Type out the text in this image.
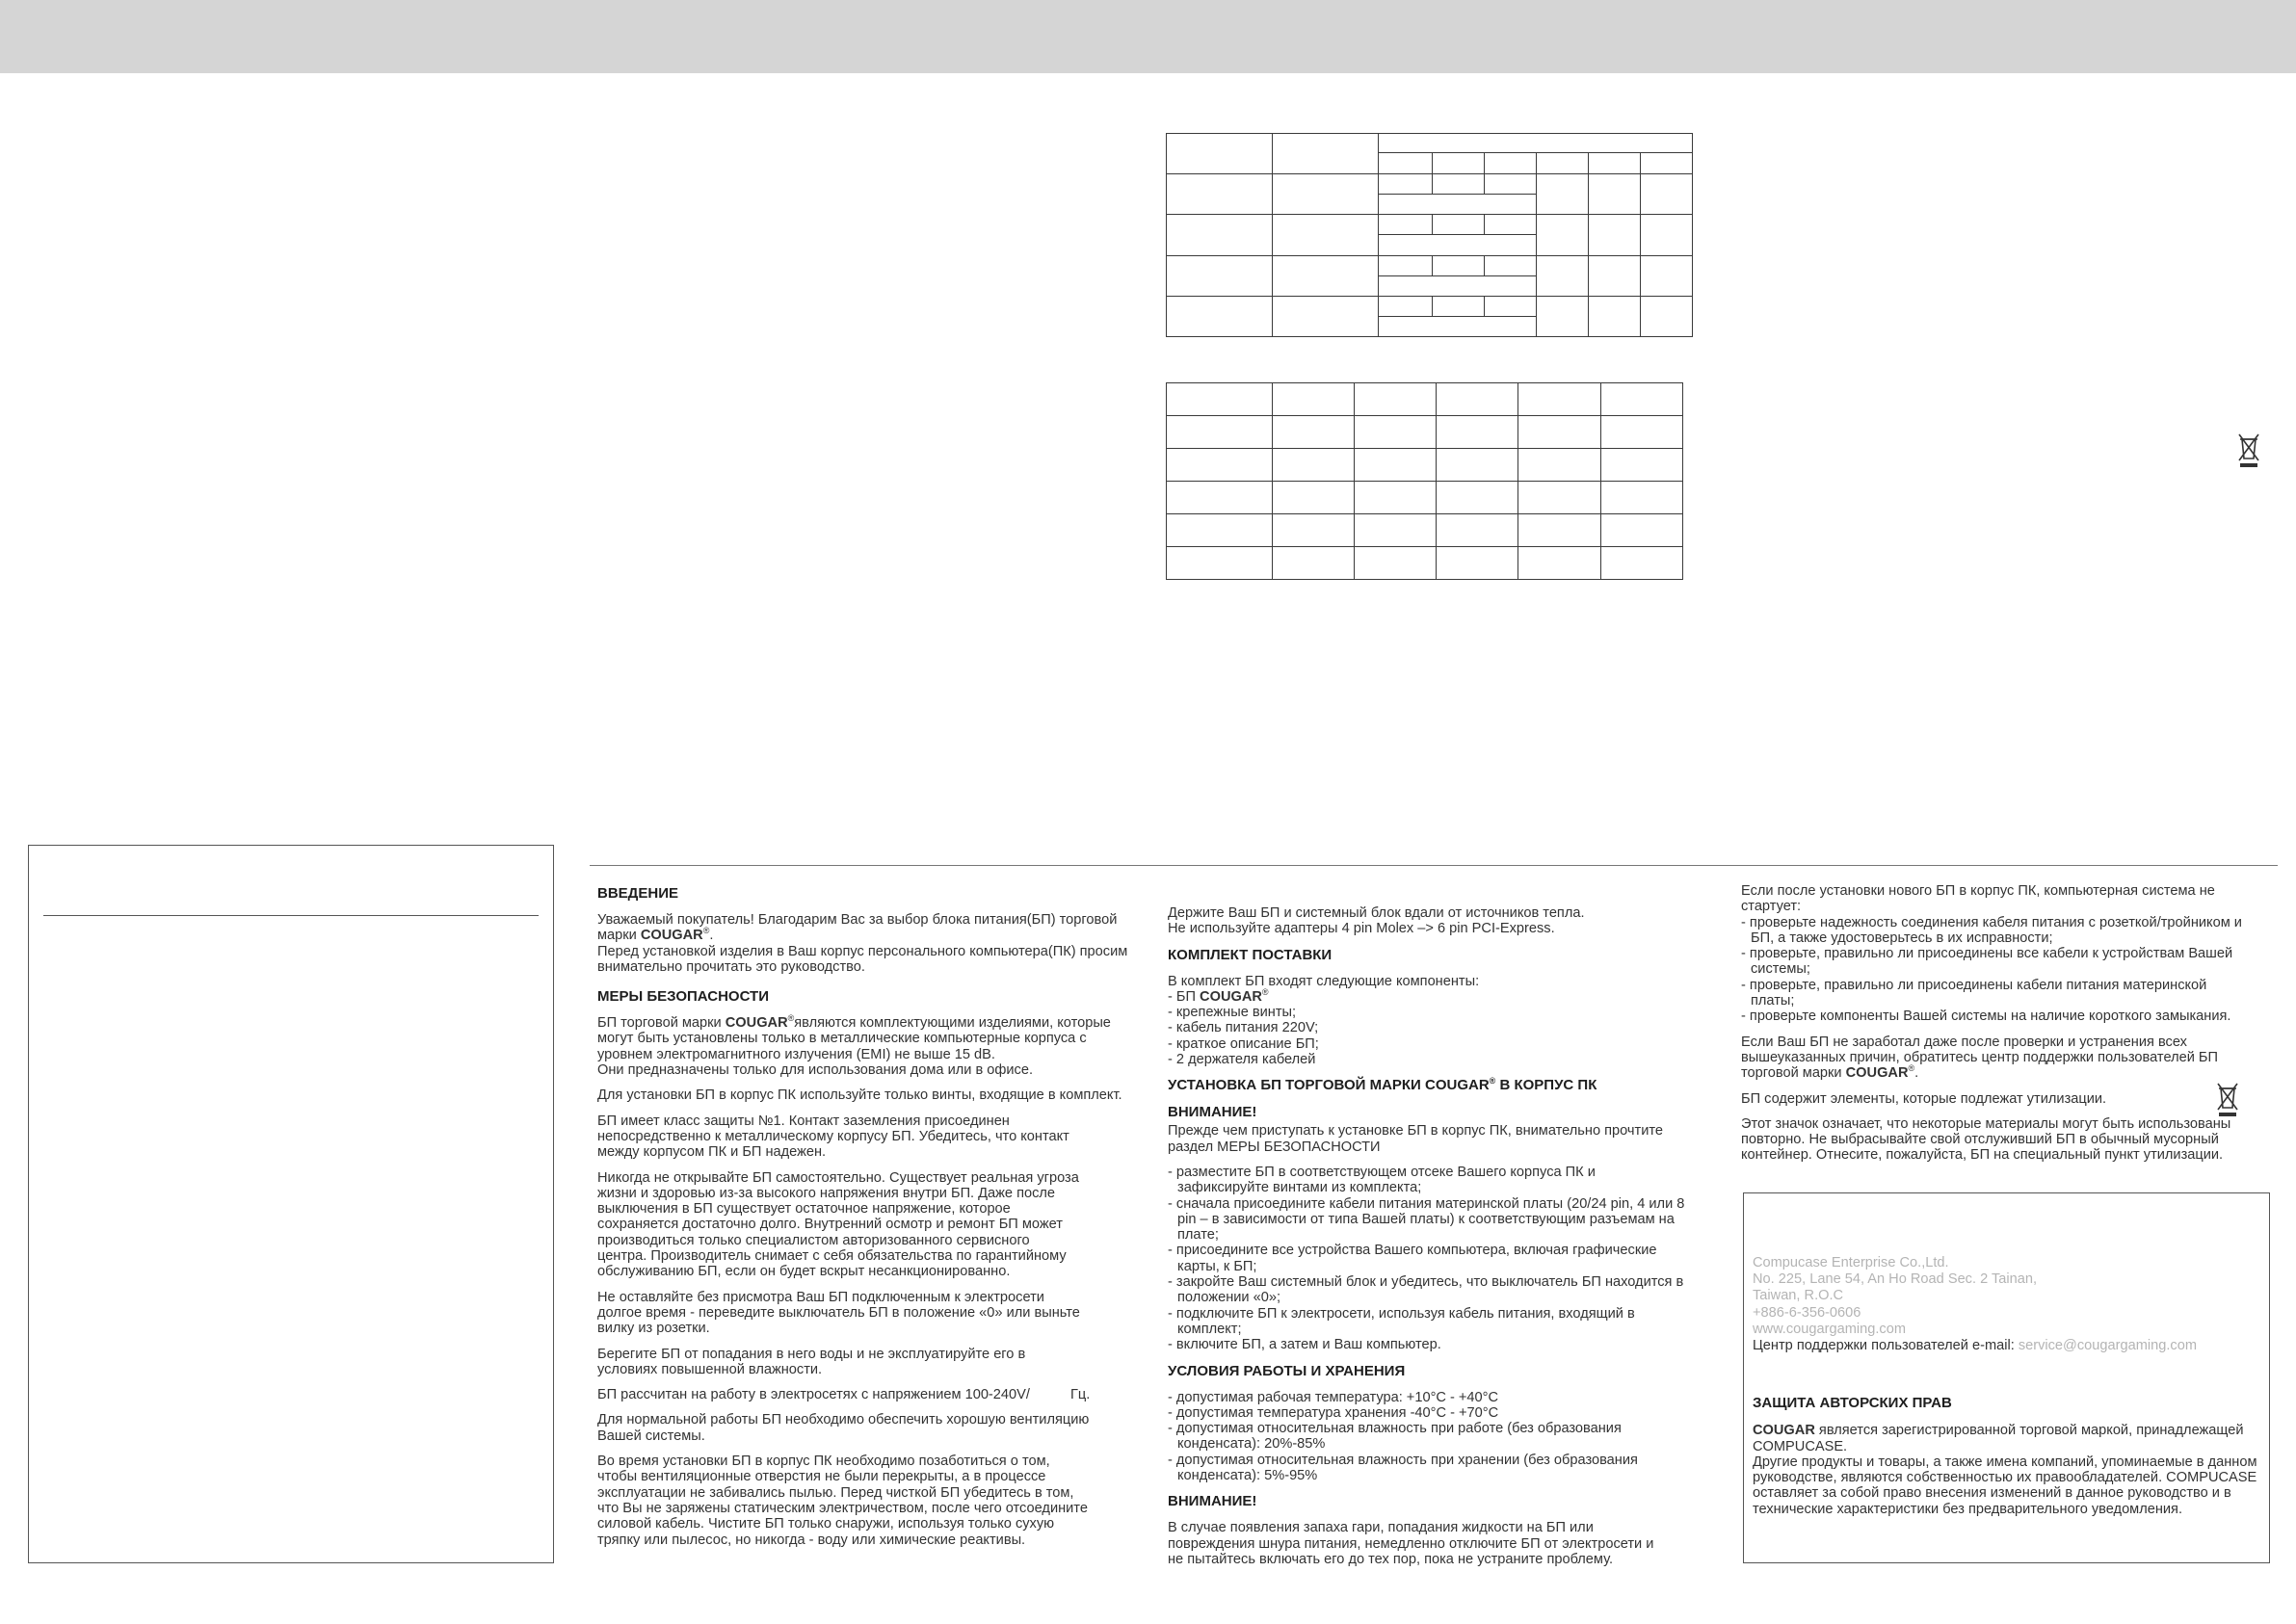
ВВЕДЕНИЕ

Уважаемый покупатель! Благодарим Вас за выбор блока питания(БП) торговой марки COUGAR®.
Перед установкой изделия в Ваш корпус персонального компьютера(ПК) просим внимательно прочитать это руководство.

МЕРЫ БЕЗОПАСНОСТИ

БП торговой марки COUGAR®являются комплектующими изделиями, которые могут быть установлены только в металлические компьютерные корпуса с уровнем электромагнитного излучения (EMI) не выше 15 dB.
Они предназначены только для использования дома или в офисе.

Для установки БП в корпус ПК используйте только винты, входящие в комплект.

БП имеет класс защиты №1. Контакт заземления присоединен
непосредственно к металлическому корпусу БП. Убедитесь, что контакт
между корпусом ПК и БП надежен.

Никогда не открывайте БП самостоятельно. Существует реальная угроза
жизни и здоровью из-за высокого напряжения внутри БП. Даже после
выключения в БП существует остаточное напряжение, которое
сохраняется достаточно долго. Внутренний осмотр и ремонт БП может
производиться только специалистом авторизованного сервисного
центра. Производитель снимает с себя обязательства по гарантийному
обслуживанию БП, если он будет вскрыт несанкционированно.

Не оставляйте без присмотра Ваш БП подключенным к электросети
долгое время - переведите выключатель БП в положение «0» или выньте
вилку из розетки.

Берегите БП от попадания в него воды и не эксплуатируйте его в
условиях повышенной влажности.

БП рассчитан на работу в электросетях с напряжением 100-240V/	Гц.

Для нормальной работы БП необходимо обеспечить хорошую вентиляцию
Вашей системы.

Во время установки БП в корпус ПК необходимо позаботиться о том,
чтобы вентиляционные отверстия не были перекрыты, а в процессе
эксплуатации не забивались пылью. Перед чисткой БП убедитесь в том,
что Вы не заряжены статическим электричеством, после чего отсоедините
силовой кабель. Чистите БП только снаружи, используя только сухую
тряпку или пылесос, но никогда - воду или химические реактивы.

Держите Ваш БП и системный блок вдали от источников тепла.

Не используйте адаптеры 4 pin Molex –> 6 pin PCI-Express.

КОМПЛЕКТ ПОСТАВКИ

В комплект БП входят следующие компоненты:

- БП COUGAR®
- крепежные винты;
- кабель питания 220V;
- краткое описание БП;
- 2 держателя кабелей
УСТАНОВКА БП ТОРГОВОЙ МАРКИ COUGAR® В КОРПУС ПК
ВНИМАНИЕ!

Прежде чем приступать к установке БП в корпус ПК, внимательно прочтите
раздел МЕРЫ БЕЗОПАСНОСТИ

- разместите БП в соответствующем отсеке Вашего корпуса ПК и зафиксируйте винтами из комплекта;
- сначала присоедините кабели питания материнской платы (20/24 pin, 4 или 8 pin – в зависимости от типа Вашей платы) к соответствующим разъемам на плате;
- присоедините все устройства Вашего компьютера, включая графические карты, к БП;
- закройте Ваш системный блок и убедитесь, что выключатель БП находится в положении «0»;
- подключите БП к электросети, используя кабель питания, входящий в комплект;
- включите БП, а затем и Ваш компьютер.
УСЛОВИЯ РАБОТЫ И ХРАНЕНИЯ
- допустимая рабочая температура: +10°С - +40°С
- допустимая температура хранения -40°С - +70°С
- допустимая относительная влажность при работе (без образования конденсата): 20%-85%
- допустимая относительная влажность при хранении (без образования конденсата): 5%-95%
ВНИМАНИЕ!

В случае появления запаха гари, попадания жидкости на БП или
повреждения шнура питания, немедленно отключите БП от электросети и
не пытайтесь включать его до тех пор, пока не устраните проблему.

Если после установки нового БП в корпус ПК, компьютерная система не стартует:

- проверьте надежность соединения кабеля питания с розеткой/тройником и БП, а также удостоверьтесь в их исправности;
- проверьте, правильно ли присоединены все кабели к устройствам Вашей системы;
- проверьте, правильно ли присоединены кабели питания материнской платы;
- проверьте компоненты Вашей системы на наличие короткого замыкания.

Если Ваш БП не заработал даже после проверки и устранения всех вышеуказанных причин, обратитесь центр поддержки пользователей БП торговой марки COUGAR®.

БП содержит элементы, которые подлежат утилизации.

Этот значок означает, что некоторые материалы могут быть использованы повторно. Не выбрасывайте свой отслуживший БП в обычный мусорный контейнер. Отнесите, пожалуйста, БП на специальный пункт утилизации.

Compucase Enterprise Co.,Ltd.
No. 225, Lane 54, An Ho Road Sec. 2 Tainan,
Taiwan, R.O.C
+886-6-356-0606
www.cougargaming.com
Центр поддержки пользователей e-mail: service@cougargaming.com
ЗАЩИТА АВТОРСКИХ ПРАВ

COUGAR является зарегистрированной торговой маркой, принадлежащей COMPUCASE.

Другие продукты и товары, а также имена компаний, упоминаемые в данном руководстве, являются собственностью их правообладателей. COMPUCASE оставляет за собой право внесения изменений в данное руководство и в технические характеристики без предварительного уведомления.
